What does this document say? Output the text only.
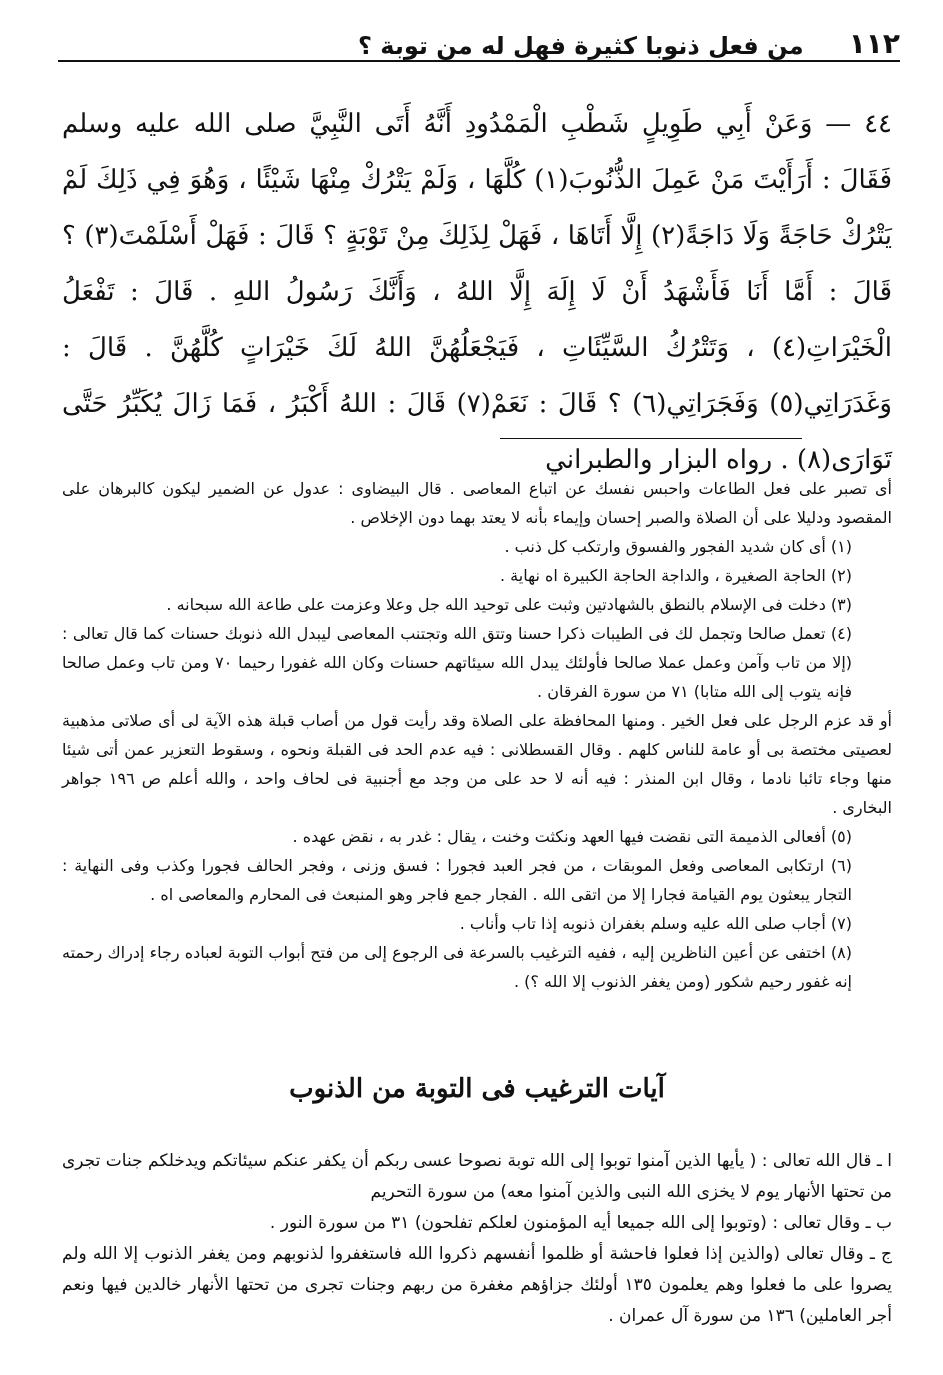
١١٢
من فعل ذنوبا كثيرة فهل له من توبة ؟

٤٤ — وَعَنْ أَبِي طَوِيلٍ شَطْبِ الْمَمْدُودِ أَنَّهُ أَتَى النَّبِيَّ صلى الله عليه وسلم فَقَالَ : أَرَأَيْتَ مَنْ عَمِلَ الذُّنُوبَ(١) كُلَّهَا ، وَلَمْ يَتْرُكْ مِنْهَا شَيْئًا ، وَهُوَ فِي ذَلِكَ لَمْ يَتْرُكْ حَاجَةً وَلَا دَاجَةً(٢) إِلَّا أَتَاهَا ، فَهَلْ لِذَلِكَ مِنْ تَوْبَةٍ ؟ قَالَ : فَهَلْ أَسْلَمْتَ(٣) ؟ قَالَ : أَمَّا أَنَا فَأَشْهَدُ أَنْ لَا إِلَهَ إِلَّا اللهُ ، وَأَنَّكَ رَسُولُ اللهِ . قَالَ : تَفْعَلُ الْخَيْرَاتِ(٤) ، وَتَتْرُكُ السَّيِّئَاتِ ، فَيَجْعَلُهُنَّ اللهُ لَكَ خَيْرَاتٍ كُلَّهُنَّ . قَالَ : وَغَدَرَاتِي(٥) وَفَجَرَاتِي(٦) ؟ قَالَ : نَعَمْ(٧) قَالَ : اللهُ أَكْبَرُ ، فَمَا زَالَ يُكَبِّرُ حَتَّى تَوَارَى(٨) . رواه البزار والطبراني

أى تصبر على فعل الطاعات واحبس نفسك عن اتباع المعاصى . قال البيضاوى : عدول عن الضمير ليكون كالبرهان على المقصود ودليلا على أن الصلاة والصبر إحسان وإيماء بأنه لا يعتد بهما دون الإخلاص .

(١) أى كان شديد الفجور والفسوق وارتكب كل ذنب .

(٢) الحاجة الصغيرة ، والداجة الحاجة الكبيرة اه نهاية .

(٣) دخلت فى الإسلام بالنطق بالشهادتين وثبت على توحيد الله جل وعلا وعزمت على طاعة الله سبحانه .

(٤) تعمل صالحا وتجمل لك فى الطيبات ذكرا حسنا وتتق الله وتجتنب المعاصى ليبدل الله ذنوبك حسنات كما قال تعالى : (إلا من تاب وآمن وعمل عملا صالحا فأولئك يبدل الله سيئاتهم حسنات وكان الله غفورا رحيما ٧٠ ومن تاب وعمل صالحا فإنه يتوب إلى الله متابا) ٧١ من سورة الفرقان .

أو قد عزم الرجل على فعل الخير . ومنها المحافظة على الصلاة وقد رأيت قول من أصاب قبلة هذه الآية لى أى صلاتى مذهبية لعصيتى مختصة بى أو عامة للناس كلهم . وقال القسطلانى : فيه عدم الحد فى القبلة ونحوه ، وسقوط التعزير عمن أتى شيئا منها وجاء تائبا نادما ، وقال ابن المنذر : فيه أنه لا حد على من وجد مع أجنبية فى لحاف واحد ، والله أعلم ص ١٩٦ جواهر البخارى .

(٥) أفعالى الذميمة التى نقضت فيها العهد ونكثت وخنت ، يقال : غدر به ، نقض عهده .

(٦) ارتكابى المعاصى وفعل الموبقات ، من فجر العبد فجورا : فسق وزنى ، وفجر الحالف فجورا وكذب وفى النهاية : التجار يبعثون يوم القيامة فجارا إلا من اتقى الله . الفجار جمع فاجر وهو المنبعث فى المحارم والمعاصى اه .

(٧) أجاب صلى الله عليه وسلم بغفران ذنوبه إذا تاب وأناب .

(٨) اختفى عن أعين الناظرين إليه ، ففيه الترغيب بالسرعة فى الرجوع إلى من فتح أبواب التوبة لعباده رجاء إدراك رحمته إنه غفور رحيم شكور (ومن يغفر الذنوب إلا الله ؟) .

آيات الترغيب فى التوبة من الذنوب

ا ـ قال الله تعالى : ( يأيها الذين آمنوا توبوا إلى الله توبة نصوحا عسى ربكم أن يكفر عنكم سيئاتكم ويدخلكم جنات تجرى من تحتها الأنهار يوم لا يخزى الله النبى والذين آمنوا معه) من سورة التحريم

ب ـ وقال تعالى : (وتوبوا إلى الله جميعا أيه المؤمنون لعلكم تفلحون) ٣١ من سورة النور .

ج ـ وقال تعالى (والذين إذا فعلوا فاحشة أو ظلموا أنفسهم ذكروا الله فاستغفروا لذنوبهم ومن يغفر الذنوب إلا الله ولم يصروا على ما فعلوا وهم يعلمون ١٣٥ أولئك جزاؤهم مغفرة من ربهم وجنات تجرى من تحتها الأنهار خالدين فيها ونعم أجر العاملين) ١٣٦ من سورة آل عمران .
